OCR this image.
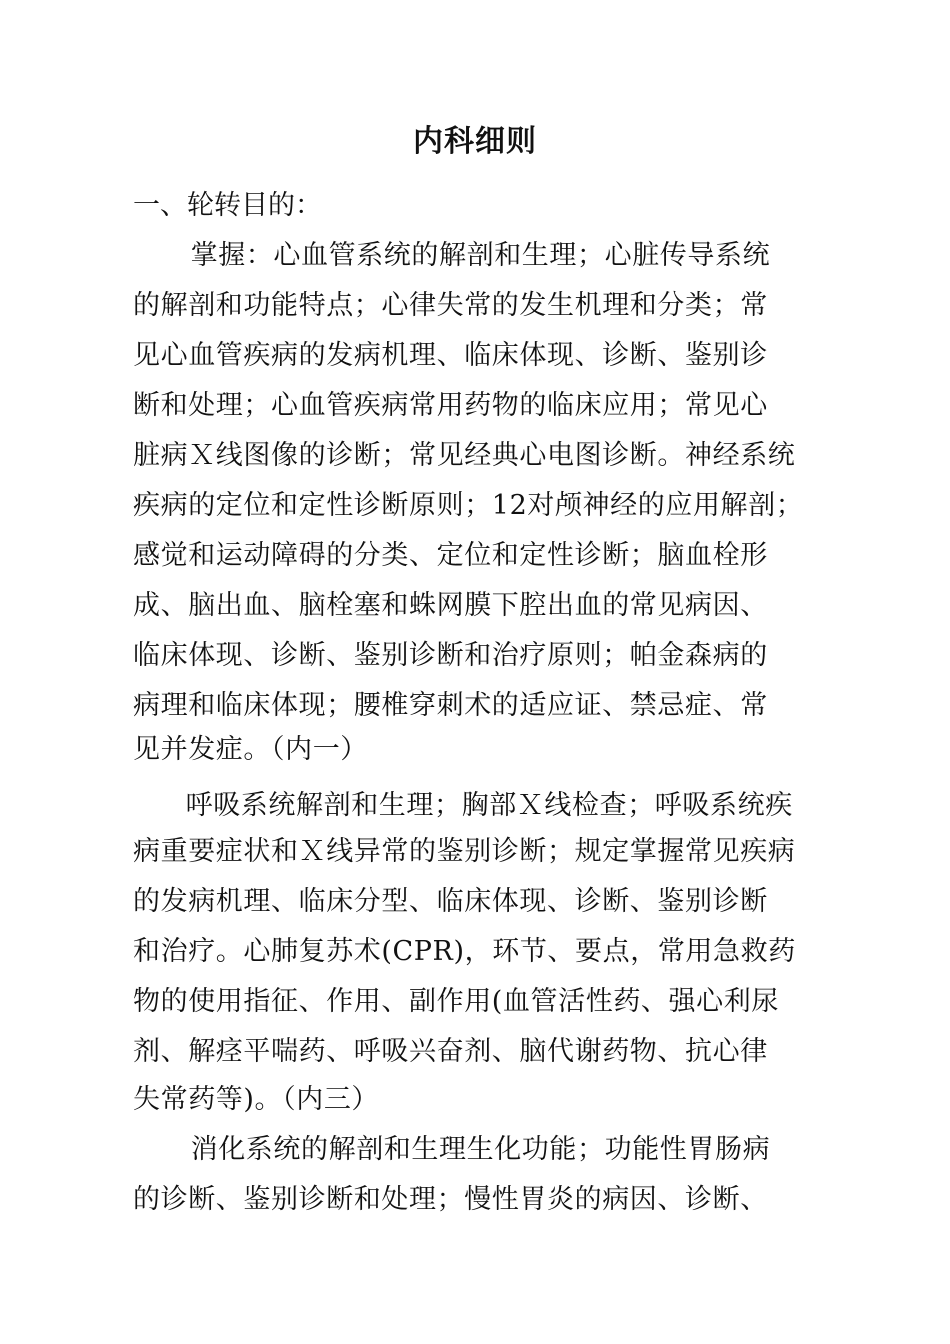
内科细则

一、轮转目的：

　掌握：心血管系统的解剖和生理；心脏传导系统

的解剖和功能特点；心律失常的发生机理和分类；常

见心血管疾病的发病机理、临床体现、诊断、鉴别诊

断和处理；心血管疾病常用药物的临床应用；常见心

脏病Ｘ线图像的诊断；常见经典心电图诊断。神经系统

疾病的定位和定性诊断原则；12对颅神经的应用解剖；

感觉和运动障碍的分类、定位和定性诊断；脑血栓形

成、脑出血、脑栓塞和蛛网膜下腔出血的常见病因、

临床体现、诊断、鉴别诊断和治疗原则；帕金森病的

病理和临床体现；腰椎穿刺术的适应证、禁忌症、常

见并发症。（内一）

　呼吸系统解剖和生理；胸部Ｘ线检查；呼吸系统疾

病重要症状和Ｘ线异常的鉴别诊断；规定掌握常见疾病

的发病机理、临床分型、临床体现、诊断、鉴别诊断

和治疗。心肺复苏术(CPR)，环节、要点，常用急救药

物的使用指征、作用、副作用(血管活性药、强心利尿

剂、解痉平喘药、呼吸兴奋剂、脑代谢药物、抗心律

失常药等)。（内三）

　消化系统的解剖和生理生化功能；功能性胃肠病

的诊断、鉴别诊断和处理；慢性胃炎的病因、诊断、
